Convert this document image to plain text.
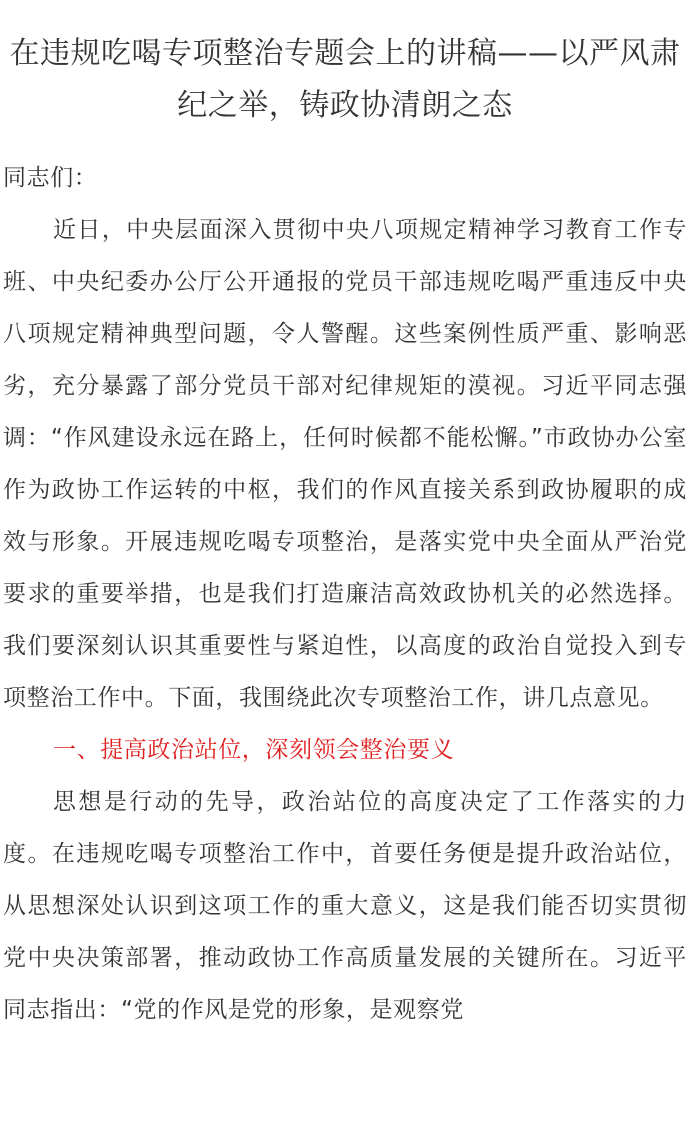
在违规吃喝专项整治专题会上的讲稿——以严风肃纪之举，铸政协清朗之态

同志们：

近日，中央层面深入贯彻中央八项规定精神学习教育工作专班、中央纪委办公厅公开通报的党员干部违规吃喝严重违反中央八项规定精神典型问题，令人警醒。这些案例性质严重、影响恶劣，充分暴露了部分党员干部对纪律规矩的漠视。习近平同志强调：“作风建设永远在路上，任何时候都不能松懈。”市政协办公室作为政协工作运转的中枢，我们的作风直接关系到政协履职的成效与形象。开展违规吃喝专项整治，是落实党中央全面从严治党要求的重要举措，也是我们打造廉洁高效政协机关的必然选择。我们要深刻认识其重要性与紧迫性，以高度的政治自觉投入到专项整治工作中。下面，我围绕此次专项整治工作，讲几点意见。

一、提高政治站位，深刻领会整治要义

思想是行动的先导，政治站位的高度决定了工作落实的力度。在违规吃喝专项整治工作中，首要任务便是提升政治站位，从思想深处认识到这项工作的重大意义，这是我们能否切实贯彻党中央决策部署，推动政协工作高质量发展的关键所在。习近平同志指出：“党的作风是党的形象，是观察党
